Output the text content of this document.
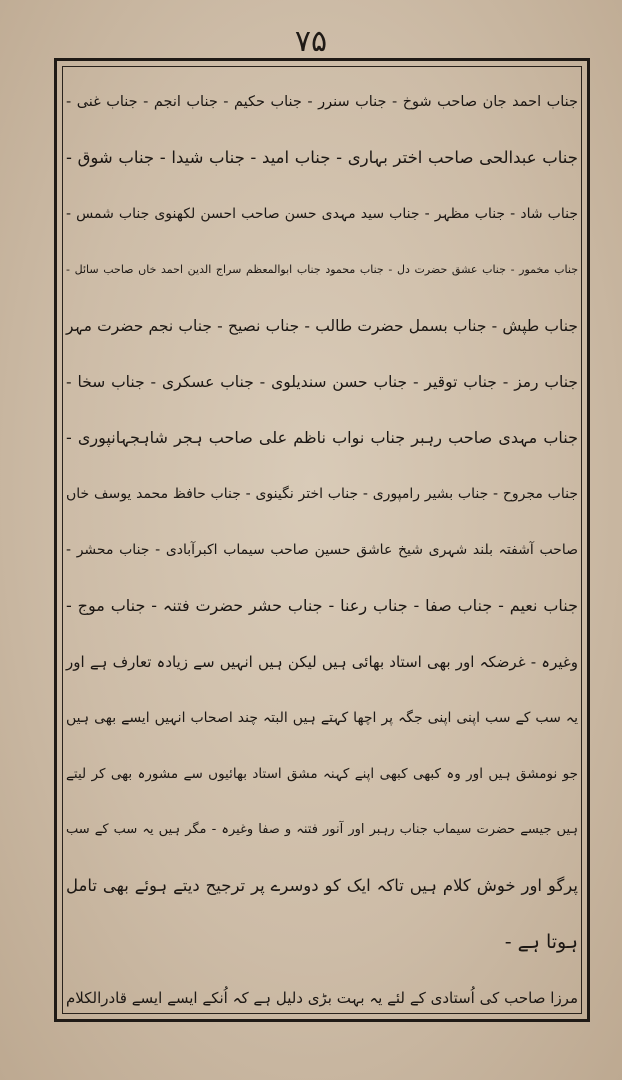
۷۵
جناب احمد جان صاحب شوخ - جناب سنرر - جناب حکیم - جناب انجم - جناب غنی -
جناب عبدالحی صاحب اختر بہاری - جناب امید - جناب شیدا - جناب شوق -
جناب شاد - جناب مظہر - جناب سید مہدی حسن صاحب احسن لکھنوی جناب شمس -
جناب مخمور - جناب عشق حضرت دل - جناب محمود جناب ابوالمعظم سراج الدین احمد خاں صاحب سائل -
جناب طپش - جناب بسمل حضرت طالب - جناب نصیح - جناب نجم حضرت مہر
جناب رمز - جناب توقیر - جناب حسن سندیلوی - جناب عسکری - جناب سخا -
جناب مہدی صاحب رہبر جناب نواب ناظم علی صاحب ہجر شاہجہانپوری -
جناب مجروح - جناب بشیر رامپوری - جناب اختر نگینوی - جناب حافظ محمد یوسف خاں
صاحب آشفتہ بلند شہری شیخ عاشق حسین صاحب سیماب اکبرآبادی - جناب محشر -
جناب نعیم - جناب صفا - جناب رعنا - جناب حشر حضرت فتنہ - جناب موج -
وغیرہ - غرضکہ اور بھی استاد بھائی ہیں لیکن ہیں انہیں سے زیادہ تعارف ہے اور
یہ سب کے سب اپنی اپنی جگہ پر اچھا کہتے ہیں البتہ چند اصحاب انہیں ایسے بھی ہیں
جو نومشق ہیں اور وہ کبھی کبھی اپنے کہنہ مشق استاد بھائیوں سے مشورہ بھی کر لیتے
ہیں جیسے حضرت سیماب جناب رہبر اور آنور فتنہ و صفا وغیرہ - مگر ہیں یہ سب کے سب
پرگو اور خوش کلام ہیں تاکہ ایک کو دوسرے پر ترجیح دیتے ہوئے بھی تامل
ہوتا ہے -
مرزا صاحب کی اُستادی کے لئے یہ بہت بڑی دلیل ہے کہ اُنکے ایسے ایسے قادرالکلام
